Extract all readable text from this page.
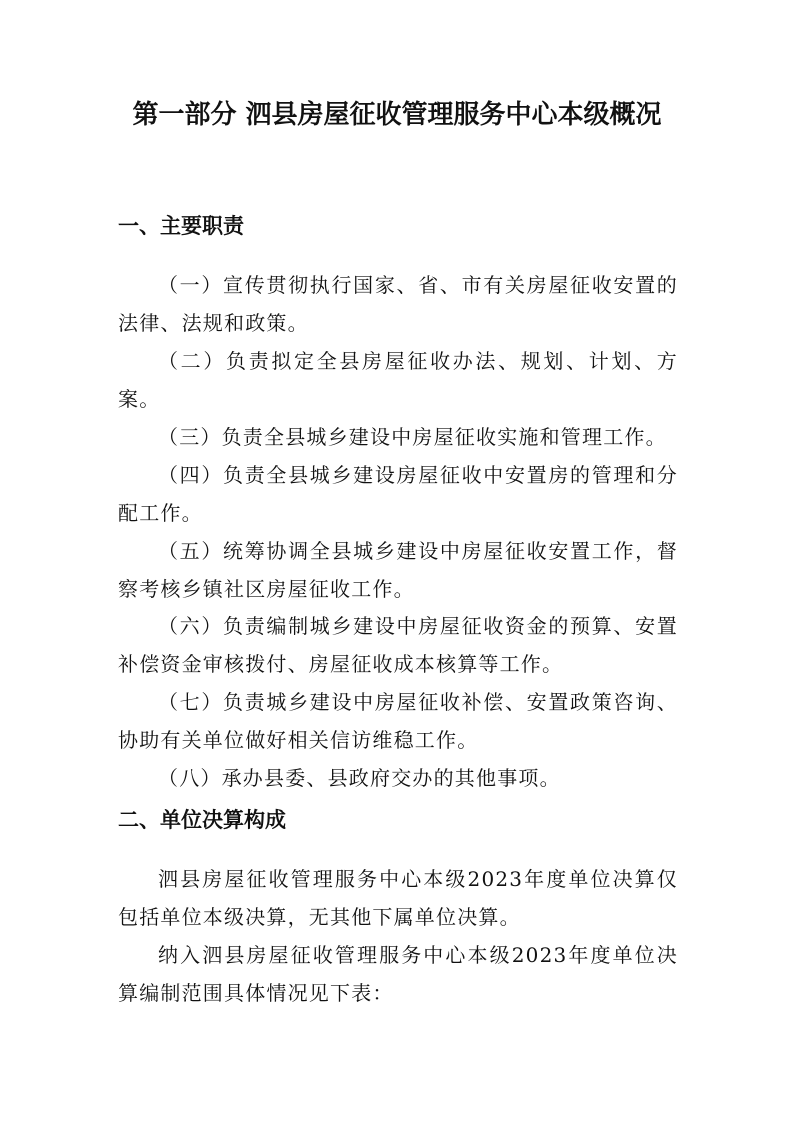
第一部分 泗县房屋征收管理服务中心本级概况
一、主要职责
（一）宣传贯彻执行国家、省、市有关房屋征收安置的法律、法规和政策。
（二）负责拟定全县房屋征收办法、规划、计划、方案。
（三）负责全县城乡建设中房屋征收实施和管理工作。
（四）负责全县城乡建设房屋征收中安置房的管理和分配工作。
（五）统筹协调全县城乡建设中房屋征收安置工作，督察考核乡镇社区房屋征收工作。
（六）负责编制城乡建设中房屋征收资金的预算、安置补偿资金审核拨付、房屋征收成本核算等工作。
（七）负责城乡建设中房屋征收补偿、安置政策咨询、协助有关单位做好相关信访维稳工作。
（八）承办县委、县政府交办的其他事项。
二、单位决算构成
泗县房屋征收管理服务中心本级2023年度单位决算仅包括单位本级决算，无其他下属单位决算。
纳入泗县房屋征收管理服务中心本级2023年度单位决算编制范围具体情况见下表：
